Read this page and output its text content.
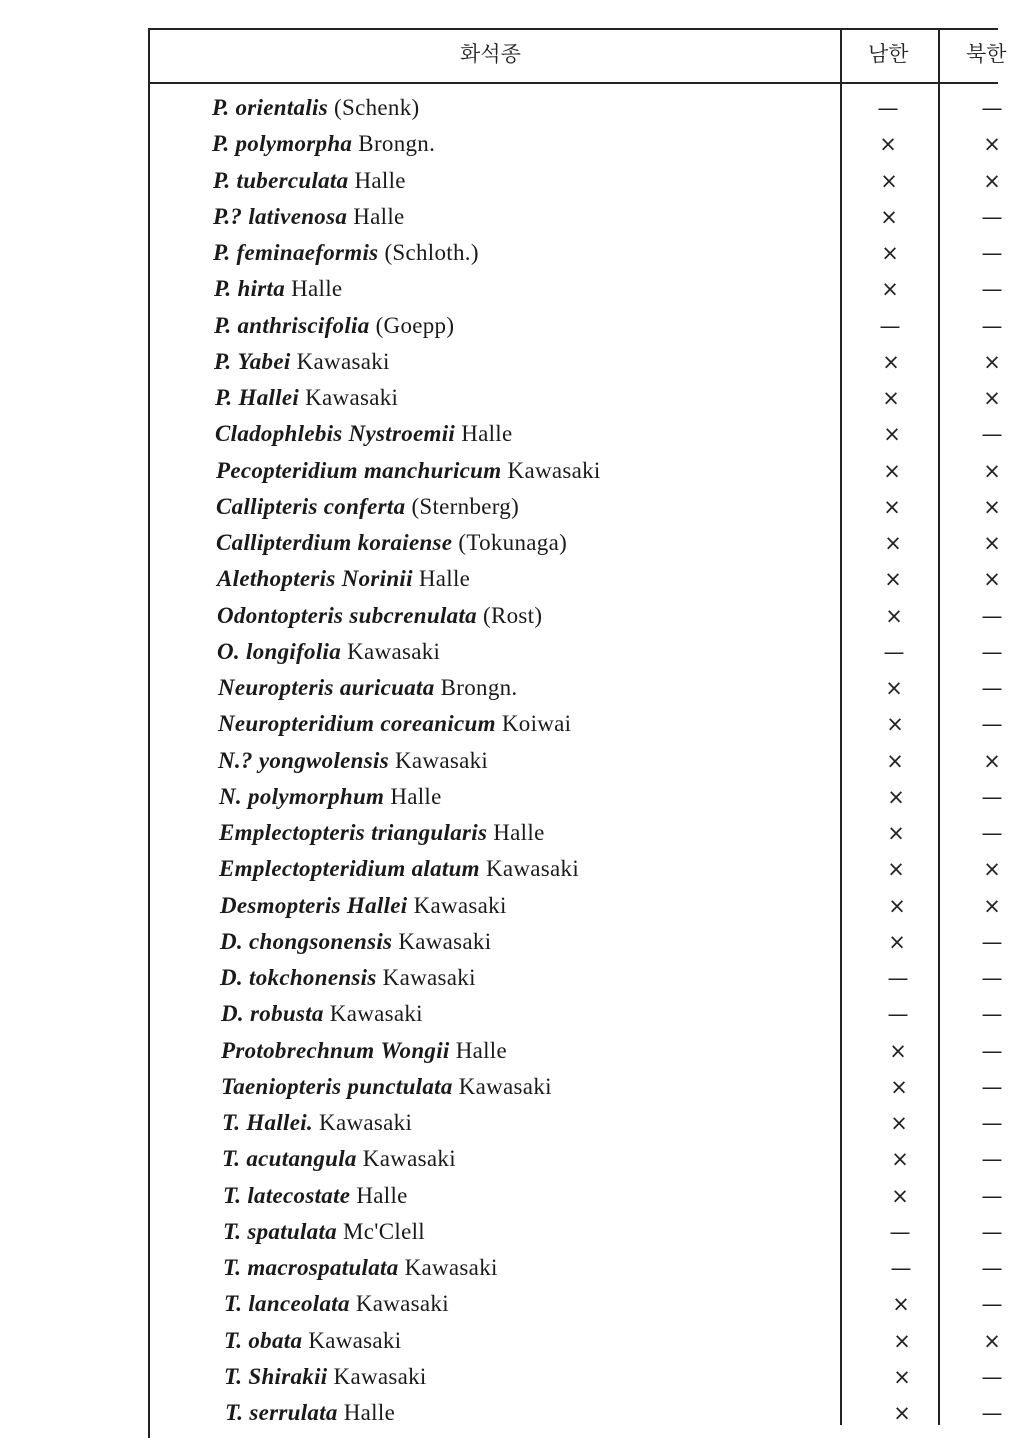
화석종	남한	북한
P. orientalis (Schenk)	—	—
P. polymorpha Brongn.	×	×
P. tuberculata Halle	×	×
P.? lativenosa Halle	×	—
P. feminaeformis (Schloth.)	×	—
P. hirta Halle	×	—
P. anthriscifolia (Goepp)	—	—
P. Yabei Kawasaki	×	×
P. Hallei Kawasaki	×	×
Cladophlebis Nystroemii Halle	×	—
Pecopteridium manchuricum Kawasaki	×	×
Callipteris conferta (Sternberg)	×	×
Callipterdium koraiense (Tokunaga)	×	×
Alethopteris Norinii Halle	×	×
Odontopteris subcrenulata (Rost)	×	—
O. longifolia Kawasaki	—	—
Neuropteris auricuata Brongn.	×	—
Neuropteridium coreanicum Koiwai	×	—
N.? yongwolensis Kawasaki	×	×
N. polymorphum Halle	×	—
Emplectopteris triangularis Halle	×	—
Emplectopteridium alatum Kawasaki	×	×
Desmopteris Hallei Kawasaki	×	×
D. chongsonensis Kawasaki	×	—
D. tokchonensis Kawasaki	—	—
D. robusta Kawasaki	—	—
Protobrechnum Wongii Halle	×	—
Taeniopteris punctulata Kawasaki	×	—
T. Hallei. Kawasaki	×	—
T. acutangula Kawasaki	×	—
T. latecostate Halle	×	—
T. spatulata Mc'Clell	—	—
T. macrospatulata Kawasaki	—	—
T. lanceolata Kawasaki	×	—
T. obata Kawasaki	×	×
T. Shirakii Kawasaki	×	—
T. serrulata Halle	×	—
